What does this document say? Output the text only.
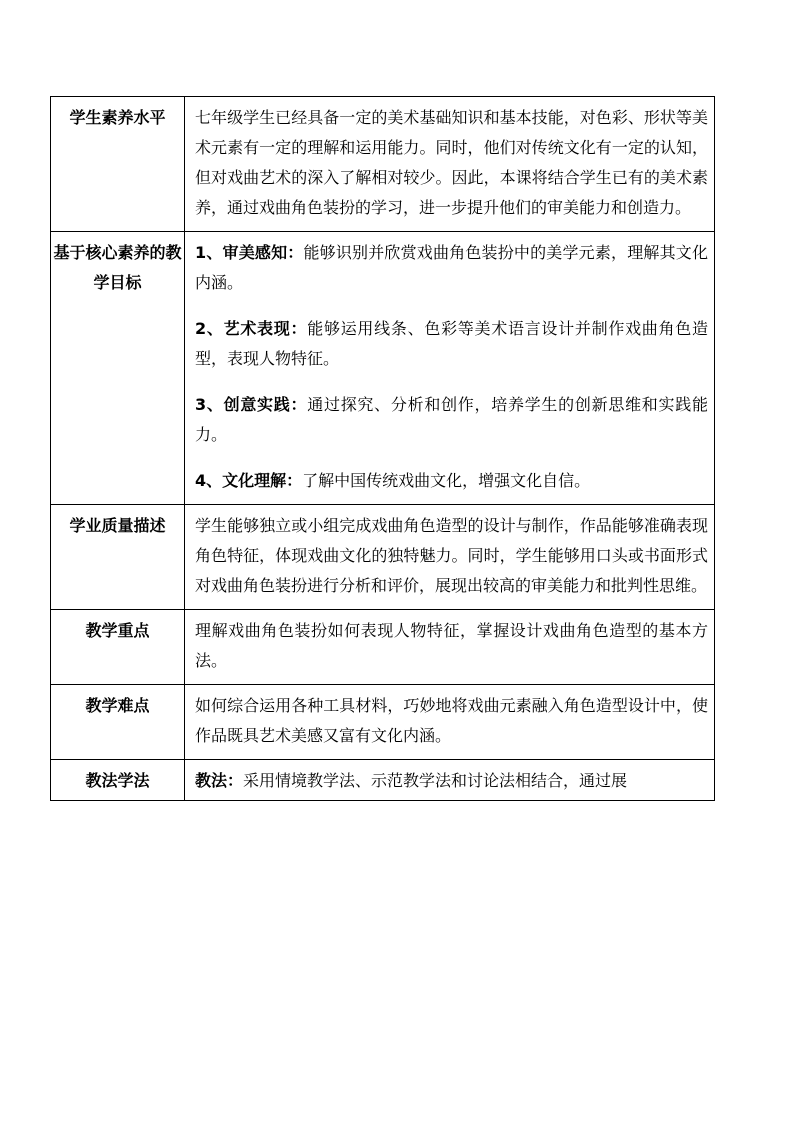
学生素养水平	七年级学生已经具备一定的美术基础知识和基本技能，对色彩、形状等美术元素有一定的理解和运用能力。同时，他们对传统文化有一定的认知，但对戏曲艺术的深入了解相对较少。因此，本课将结合学生已有的美术素养，通过戏曲角色装扮的学习，进一步提升他们的审美能力和创造力。

基于核心素养的教学目标	1、审美感知：能够识别并欣赏戏曲角色装扮中的美学元素，理解其文化内涵。

2、艺术表现：能够运用线条、色彩等美术语言设计并制作戏曲角色造型，表现人物特征。

3、创意实践：通过探究、分析和创作，培养学生的创新思维和实践能力。

4、文化理解：了解中国传统戏曲文化，增强文化自信。

学业质量描述	学生能够独立或小组完成戏曲角色造型的设计与制作，作品能够准确表现角色特征，体现戏曲文化的独特魅力。同时，学生能够用口头或书面形式对戏曲角色装扮进行分析和评价，展现出较高的审美能力和批判性思维。

教学重点	理解戏曲角色装扮如何表现人物特征，掌握设计戏曲角色造型的基本方法。

教学难点	如何综合运用各种工具材料，巧妙地将戏曲元素融入角色造型设计中，使作品既具艺术美感又富有文化内涵。

教法学法	教法：采用情境教学法、示范教学法和讨论法相结合，通过展
